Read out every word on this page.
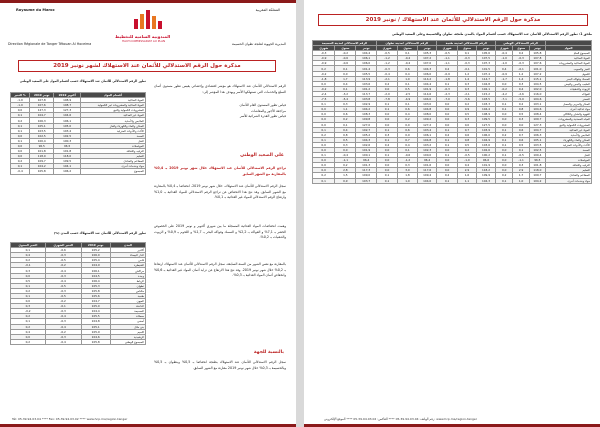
Royaume du Maroc	المملكة المغربية
المندوبية السامية للتخطيط
HAUT-COMMISSARIAT AU PLAN
Direction Régionale de Tanger Tétouan Al Hoceima	المديرية الجهوية لطنجة تطوان الحسيمة
مذكرة حول الرقم الاستدلالي للأثمان عند الاستهلاك لشهر نونبر 2019
الرقم الاستدلالي للأثمان عند الاستهلاك هو مؤشر اقتصادي وإحصائي يقيس تطور مستوى أثمان السلع والخدمات التي تستهلكها الأسر ويهدف هذا المؤشر إلى:
قياس تطور المستوى العام للأثمان
مراجعة الأجور والمعاشات
قياس تطور القدرة الشرائية للأسر
على الصعيد الوطني
تراجع الرقم الاستدلالي للأثمان عند الاستهلاك خلال شهر نونبر 2019 بـ 0,4% بالمقارنة مع الشهر السابق
سجل الرقم الاستدلالي للأثمان عند الاستهلاك، خلال شهر نونبر 2019، انخفاضا بـ 0,4% بالمقارنة مع الشهر السابق. وقد نتج هذا الانخفاض عن تراجع الرقم الاستدلالي للمواد الغذائية بـ 1,0% وارتفاع الرقم الاستدلالي للمواد غير الغذائية بـ 0,1%.
وهمت انخفاضات المواد الغذائية المسجلة ما بين شهري أكتوبر و نونبر 2019 على الخصوص الخضر بـ 7,1% و الفواكه بـ 2,2% و السمك وفواكه البحر بـ 1,7% و اللحوم بـ 0,9% و الزيوت والذهنيات بـ 0,2%.
بالمقارنة مع نفس الشهر من السنة السابقة، سجل الرقم الاستدلالي للأثمان عند الاستهلاك ارتفاعا بـ 0,2% خلال شهر نونبر 2019. وقد نتج هذا الارتفاع عن تزايد أثمان المواد غير الغذائية بـ 0,6% وانخفاض أثمان المواد الغذائية بـ 0,3%.
بالنسبة للجهة
سجل الرقم الاستدلالي للأثمان عند الاستهلاك بطنجة انخفاضا بـ 0,5% وبتطوان بـ 0,5% وبالحسيمة بـ 0,3% خلال شهر نونبر 2019 مقارنة مع الشهر السابق.
تطور الرقم الاستدلالي للأثمان عند الاستهلاك حسب أقسام المواد على الصعيد الوطني
التغير %	نونبر 2019	أكتوبر 2019	أقسام المواد
-1,0	107,8	108,9	المواد الغذائية
-1,0	107,6	108,7	المواد الغذائية والمشروبات غير الكحولية
0,0	127,3	127,3	المشروبات الكحولية والتبغ
0,1	104,7	104,6	المواد غير الغذائية
0,2	106,3	106,1	الملابس والأحذية
0,1	105,1	105,0	السكن والماء والكهرباء والغاز
0,1	103,5	103,4	الأثاث والأدوات المنزلية
0,0	102,5	102,5	الصحة
0,1	100,4	100,3	النقل
0,0	96,5	96,5	المواصلات
0,0	101,8	101,8	الترفيه والثقافة
0,0	118,0	118,0	التعليم
0,2	109,7	109,5	المطاعم والفنادق
0,1	104,2	104,1	مواد وخدمات أخرى
-0,4	105,8	106,2	المجموع
تطور الرقم الاستدلالي للأثمان عند الاستهلاك حسب المدن (%)
التغير السنوي	التغير الشهري	نونبر 2019	المدن
0,1	-0,6	105,2	أكادير
0,4	-0,3	106,0	الدار البيضاء
0,2	-0,5	105,4	فاس
-0,1	-0,2	104,9	القنيطرة
0,3	-0,4	106,1	مراكش
0,0	-0,3	104,5	وجدة
0,5	-0,4	106,4	الرباط
0,1	-0,5	105,3	تطوان
0,2	-0,3	105,8	مكناس
0,1	-0,5	105,6	طنجة
0,0	-0,2	104,7	العيون
0,3	-0,1	105,0	الداخلة
-0,2	-0,3	104,4	الحسيمة
0,2	-0,4	105,5	سطات
0,1	-0,3	104,8	آسفي
0,2	-0,4	105,1	بني ملال
0,4	-0,2	105,9	كلميم
0,0	-0,3	104,6	الرشيدية
0,2	-0,4	105,8	المجموع الوطني
Tél: 05.39.94.03.04 **** Fax: 05.39.94.03.02 **** www.hcp.ma/region-tanger
مذكرة حول الرقم الاستدلالي للأثمان عند الاستهلاك / نونبر 2019
ملحق 1: تطور الرقم الاستدلالي للأثمان عند الاستهلاك حسب أقسام المواد بالمدن طنجة، تطوان والحسيمة وعلى الصعيد الوطني
الرقم الاستدلالي لمدينة الحسيمة			الرقم الاستدلالي لمدينة تطوان			الرقم الاستدلالي لمدينة طنجة			الرقم الاستدلالي الوطني			
شهري	سنوي	نونبر	شهري	سنوي	نونبر	شهري	سنوي	نونبر	شهري	سنوي	نونبر	المواد
-0,3	-0,2	104,4	-0,5	0,1	105,3	-0,5	0,1	105,6	-0,4	0,2	105,8	المجموع العام
-0,9	-0,6	106,1	-1,2	-0,4	107,2	-1,1	-0,3	107,5	-1,0	-0,3	107,8	المواد الغذائية
-0,9	-0,6	106,0	-1,2	-0,4	107,0	-1,1	-0,3	107,3	-1,0	-0,3	107,6	المواد الغذائية والمشروبات
0,2	0,1	101,4	-0,3	0,6	104,3	0,2	-0,1	101,5	0,4	-0,1	101,0	الخبز والحبوب
-0,2	0,0	105,5	-0,4	0,4	106,0	-0,9	1,2	107,4	-0,9	1,2	107,2	اللحوم
-1,8	1,7	113,9	-2,1	1,0	114,2	-1,8	1,4	114,7	-1,7	1,4	115,1	السمك وفواكه البحر
0,0	0,4	103,6	0,2	0,1	104,4	0,1	0,3	104,8	0,0	0,3	104,5	الحليب والجبن والبيض
-0,2	0,1	101,2	0,0	0,5	101,9	-0,3	0,3	102,1	-0,2	0,4	102,0	الزيوت والذهنيات
-2,4	-3,2	113,7	-2,0	-2,5	114,6	-2,3	-2,1	115,2	-2,2	-2,6	116,0	الفواكه
-7,5	-5,4	103,8	-7,8	-4,9	104,0	-7,0	-5,6	103,5	-7,1	-5,0	104,6	الخضر
0,1	0,3	102,9	0,1	0,1	103,0	0,0	0,2	103,3	0,1	0,2	103,1	السكر والمربى والعسل
0,0	1,1	104,2	0,1	0,6	104,8	0,0	0,9	104,4	0,1	0,8	104,6	مواد غذائية أخرى
0,0	0,6	108,3	0,0	0,4	108,0	0,0	0,5	108,9	0,0	0,5	108,4	القهوة والشاي والكاكاو
0,0	0,2	109,8	0,0	0,2	109,2	0,0	0,3	109,5	0,0	0,3	109,7	المياه المعدنية والمشروبات
0,0	0,1	127,0	0,0	0,0	127,2	0,0	0,0	127,5	0,0	0,0	127,3	المشروبات الكحولية والتبغ
0,1	0,4	102,7	0,1	0,6	103,4	0,1	0,7	103,9	0,1	0,6	104,7	المواد غير الغذائية
0,2	0,8	105,2	0,3	0,9	106,1	0,2	0,6	106,0	0,2	0,7	106,3	الملابس والأحذية
0,1	0,5	104,3	0,1	0,7	104,8	0,1	0,8	104,9	0,1	0,6	105,1	السكن والماء والكهرباء
0,0	0,3	102,6	0,2	0,4	103,2	0,1	0,5	103,6	0,1	0,5	103,5	الأثاث والأدوات المنزلية
0,0	0,0	101,9	0,0	0,1	102,3	0,0	0,2	102,6	0,0	0,1	102,5	الصحة
0,1	-0,4	100,1	0,1	-0,6	100,0	0,1	-0,5	100,2	0,1	-0,5	100,4	النقل
0,0	-1,1	96,4	0,0	-1,2	96,2	0,0	-1,0	96,6	0,0	-1,1	96,5	المواصلات
0,0	0,2	101,3	0,0	0,3	101,6	0,0	0,4	101,9	0,0	0,3	101,8	الترفيه والثقافة
0,0	2,8	117,3	0,0	3,0	117,6	0,0	2,9	118,2	0,0	2,9	118,0	التعليم
0,2	1,5	109,0	0,1	1,8	109,4	0,2	1,6	109,9	0,2	1,7	109,7	المطاعم والفنادق
0,1	0,9	103,7	0,1	1,0	104,0	0,1	1,1	104,3	0,1	1,0	104,2	مواد وخدمات أخرى
رقم الهاتف: 05.39.94.03.04 **** الفاكس: 05.39.94.03.02 **** الموقع الإلكتروني: www.hcp.ma/region-tanger
